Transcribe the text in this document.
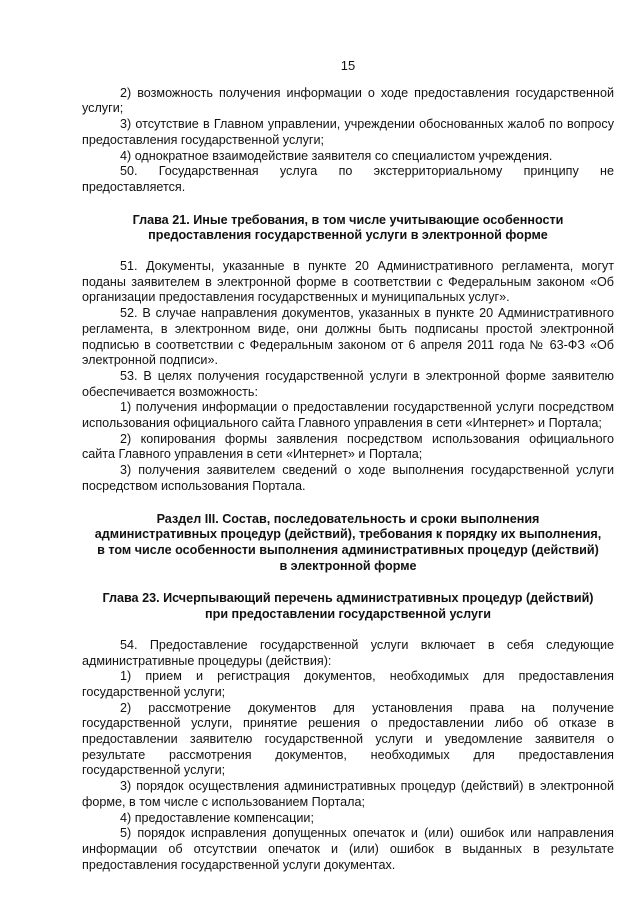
15

2) возможность получения информации о ходе предоставления государственной услуги;

3) отсутствие в Главном управлении, учреждении обоснованных жалоб по вопросу предоставления государственной услуги;

4) однократное взаимодействие заявителя со специалистом учреждения.

50. Государственная услуга по экстерриториальному принципу не предоставляется.

Глава 21. Иные требования, в том числе учитывающие особенности предоставления государственной услуги в электронной форме

51. Документы, указанные в пункте 20 Административного регламента, могут поданы заявителем в электронной форме в соответствии с Федеральным законом «Об организации предоставления государственных и муниципальных услуг».

52. В случае направления документов, указанных в пункте 20 Административного регламента, в электронном виде, они должны быть подписаны простой электронной подписью в соответствии с Федеральным законом от 6 апреля 2011 года № 63-ФЗ «Об электронной подписи».

53. В целях получения государственной услуги в электронной форме заявителю обеспечивается возможность:

1) получения информации о предоставлении государственной услуги посредством использования официального сайта Главного управления в сети «Интернет» и Портала;

2) копирования формы заявления посредством использования официального сайта Главного управления в сети «Интернет» и Портала;

3) получения заявителем сведений о ходе выполнения государственной услуги посредством использования Портала.

Раздел III. Состав, последовательность и сроки выполнения административных процедур (действий), требования к порядку их выполнения, в том числе особенности выполнения административных процедур (действий) в электронной форме

Глава 23. Исчерпывающий перечень административных процедур (действий) при предоставлении государственной услуги

54. Предоставление государственной услуги включает в себя следующие административные процедуры (действия):

1) прием и регистрация документов, необходимых для предоставления государственной услуги;

2) рассмотрение документов для установления права на получение государственной услуги, принятие решения о предоставлении либо об отказе в предоставлении заявителю государственной услуги и уведомление заявителя о результате рассмотрения документов, необходимых для предоставления государственной услуги;

3) порядок осуществления административных процедур (действий) в электронной форме, в том числе с использованием Портала;

4) предоставление компенсации;

5) порядок исправления допущенных опечаток и (или) ошибок или направления информации об отсутствии опечаток и (или) ошибок в выданных в результате предоставления государственной услуги документах.
